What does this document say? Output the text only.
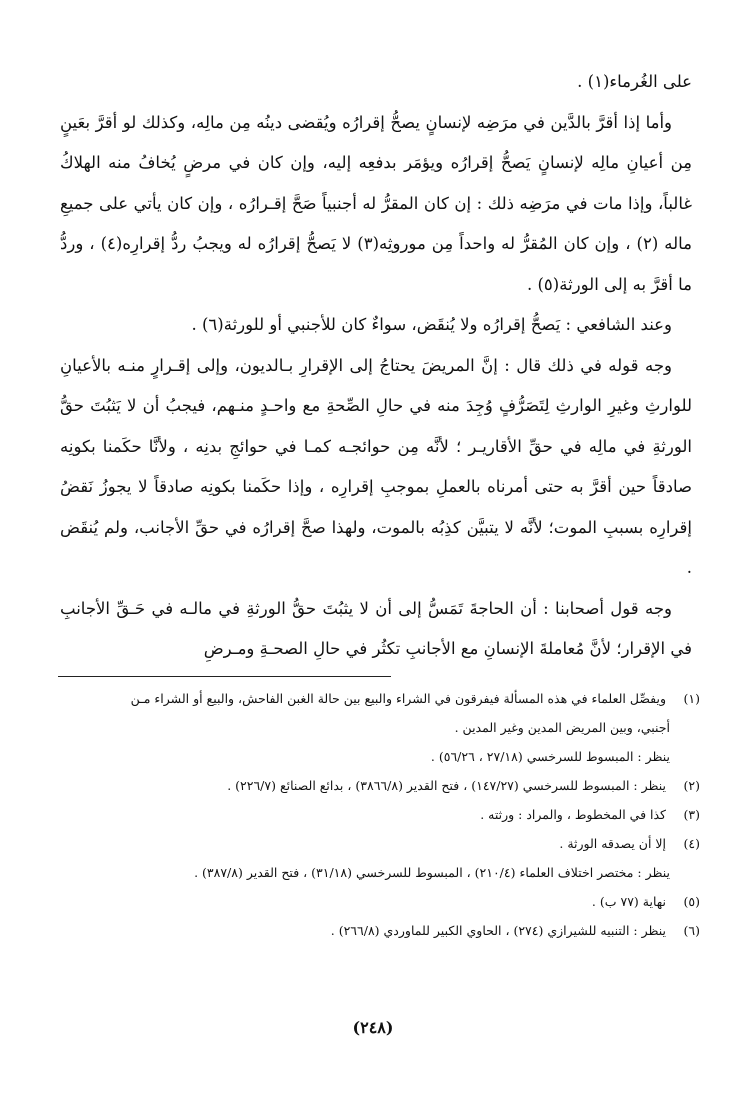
على الغُرماء(١) .

وأما إذا أقرَّ بالدَّين في مرَضِه لإنسانٍ يصحُّ إقرارُه ويُقضى دينُه مِن مالِه، وكذلك لو أقرَّ بعَينٍ مِن أعيانِ مالِه لإنسانٍ يَصحُّ إقرارُه ويؤمَر بدفعِه إليه، وإن كان في مرضٍ يُخافُ منه الهلاكُ غالباً، وإذا مات في مرَضِه ذلك : إن كان المقرُّ له أجنبياً صَحَّ إقـرارُه ، وإن كان يأتي على جميعِ ماله (٢) ، وإن كان المُقرُّ له واحداً مِن موروثِه(٣) لا يَصحُّ إقرارُه له ويجبُ ردُّ إقرارِه(٤) ، وردُّ ما أقرَّ به إلى الورثة(٥) .

وعند الشافعي : يَصحُّ إقرارُه ولا يُنقَض، سواءٌ كان للأجنبي أو للورثة(٦) .

وجه قوله في ذلك قال : إنَّ المريضَ يحتاجُ إلى الإقرارِ بـالديون، وإلى إقـرارٍ منـه بالأعيانِ للوارثِ وغيرِ الوارثِ لِتَصَرُّفٍ وُجِدَ منه في حالِ الصِّحةِ مع واحـدٍ منـهم، فيجبُ أن لا يَثبُتَ حقُّ الورثةِ في مالِه في حقِّ الأقاريـر ؛ لأنَّه مِن حوائجـه كمـا في حوائجِ بدنِه ، ولأنَّا حكَمنا بكونِه صادقاً حين أقرَّ به حتى أمرناه بالعملِ بموجبِ إقرارِه ، وإذا حكَمنا بكونِه صادقاً لا يجوزُ نَقضُ إقرارِه بسببِ الموت؛ لأنَّه لا يتبيَّن كذِبُه بالموت، ولهذا صحَّ إقرارُه في حقِّ الأجانب، ولم يُنقَض .

وجه قول أصحابنا : أن الحاجةَ تَمَسُّ إلى أن لا يثبُتَ حقُّ الورثةِ في مالـه في حَـقِّ الأجانبِ في الإقرار؛ لأنَّ مُعاملةَ الإنسانِ مع الأجانبِ تكثُر في حالِ الصحـةِ ومـرضِ

(١) ويفصِّل العلماء في هذه المسألة فيفرقون في الشراء والبيع بين حالة الغبن الفاحش، والبيع أو الشراء مـن

أجنبي، وبين المريض المدين وغير المدين .

ينظر : المبسوط للسرخسي (٢٧/١٨ ، ٥٦/٢٦) .

(٢) ينظر : المبسوط للسرخسي (١٤٧/٢٧) ، فتح القدير (٣٨٦٦/٨) ، بدائع الصنائع (٢٢٦/٧) .

(٣) كذا في المخطوط ، والمراد : ورثته .

(٤) إلا أن يصدقه الورثة .

ينظر : مختصر اختلاف العلماء (٢١٠/٤) ، المبسوط للسرخسي (٣١/١٨) ، فتح القدير (٣٨٧/٨) .

(٥) نهاية (٧٧ ب) .

(٦) ينظر : التنبيه للشيرازي (٢٧٤) ، الحاوي الكبير للماوردي (٢٦٦/٨) .

(٢٤٨)
